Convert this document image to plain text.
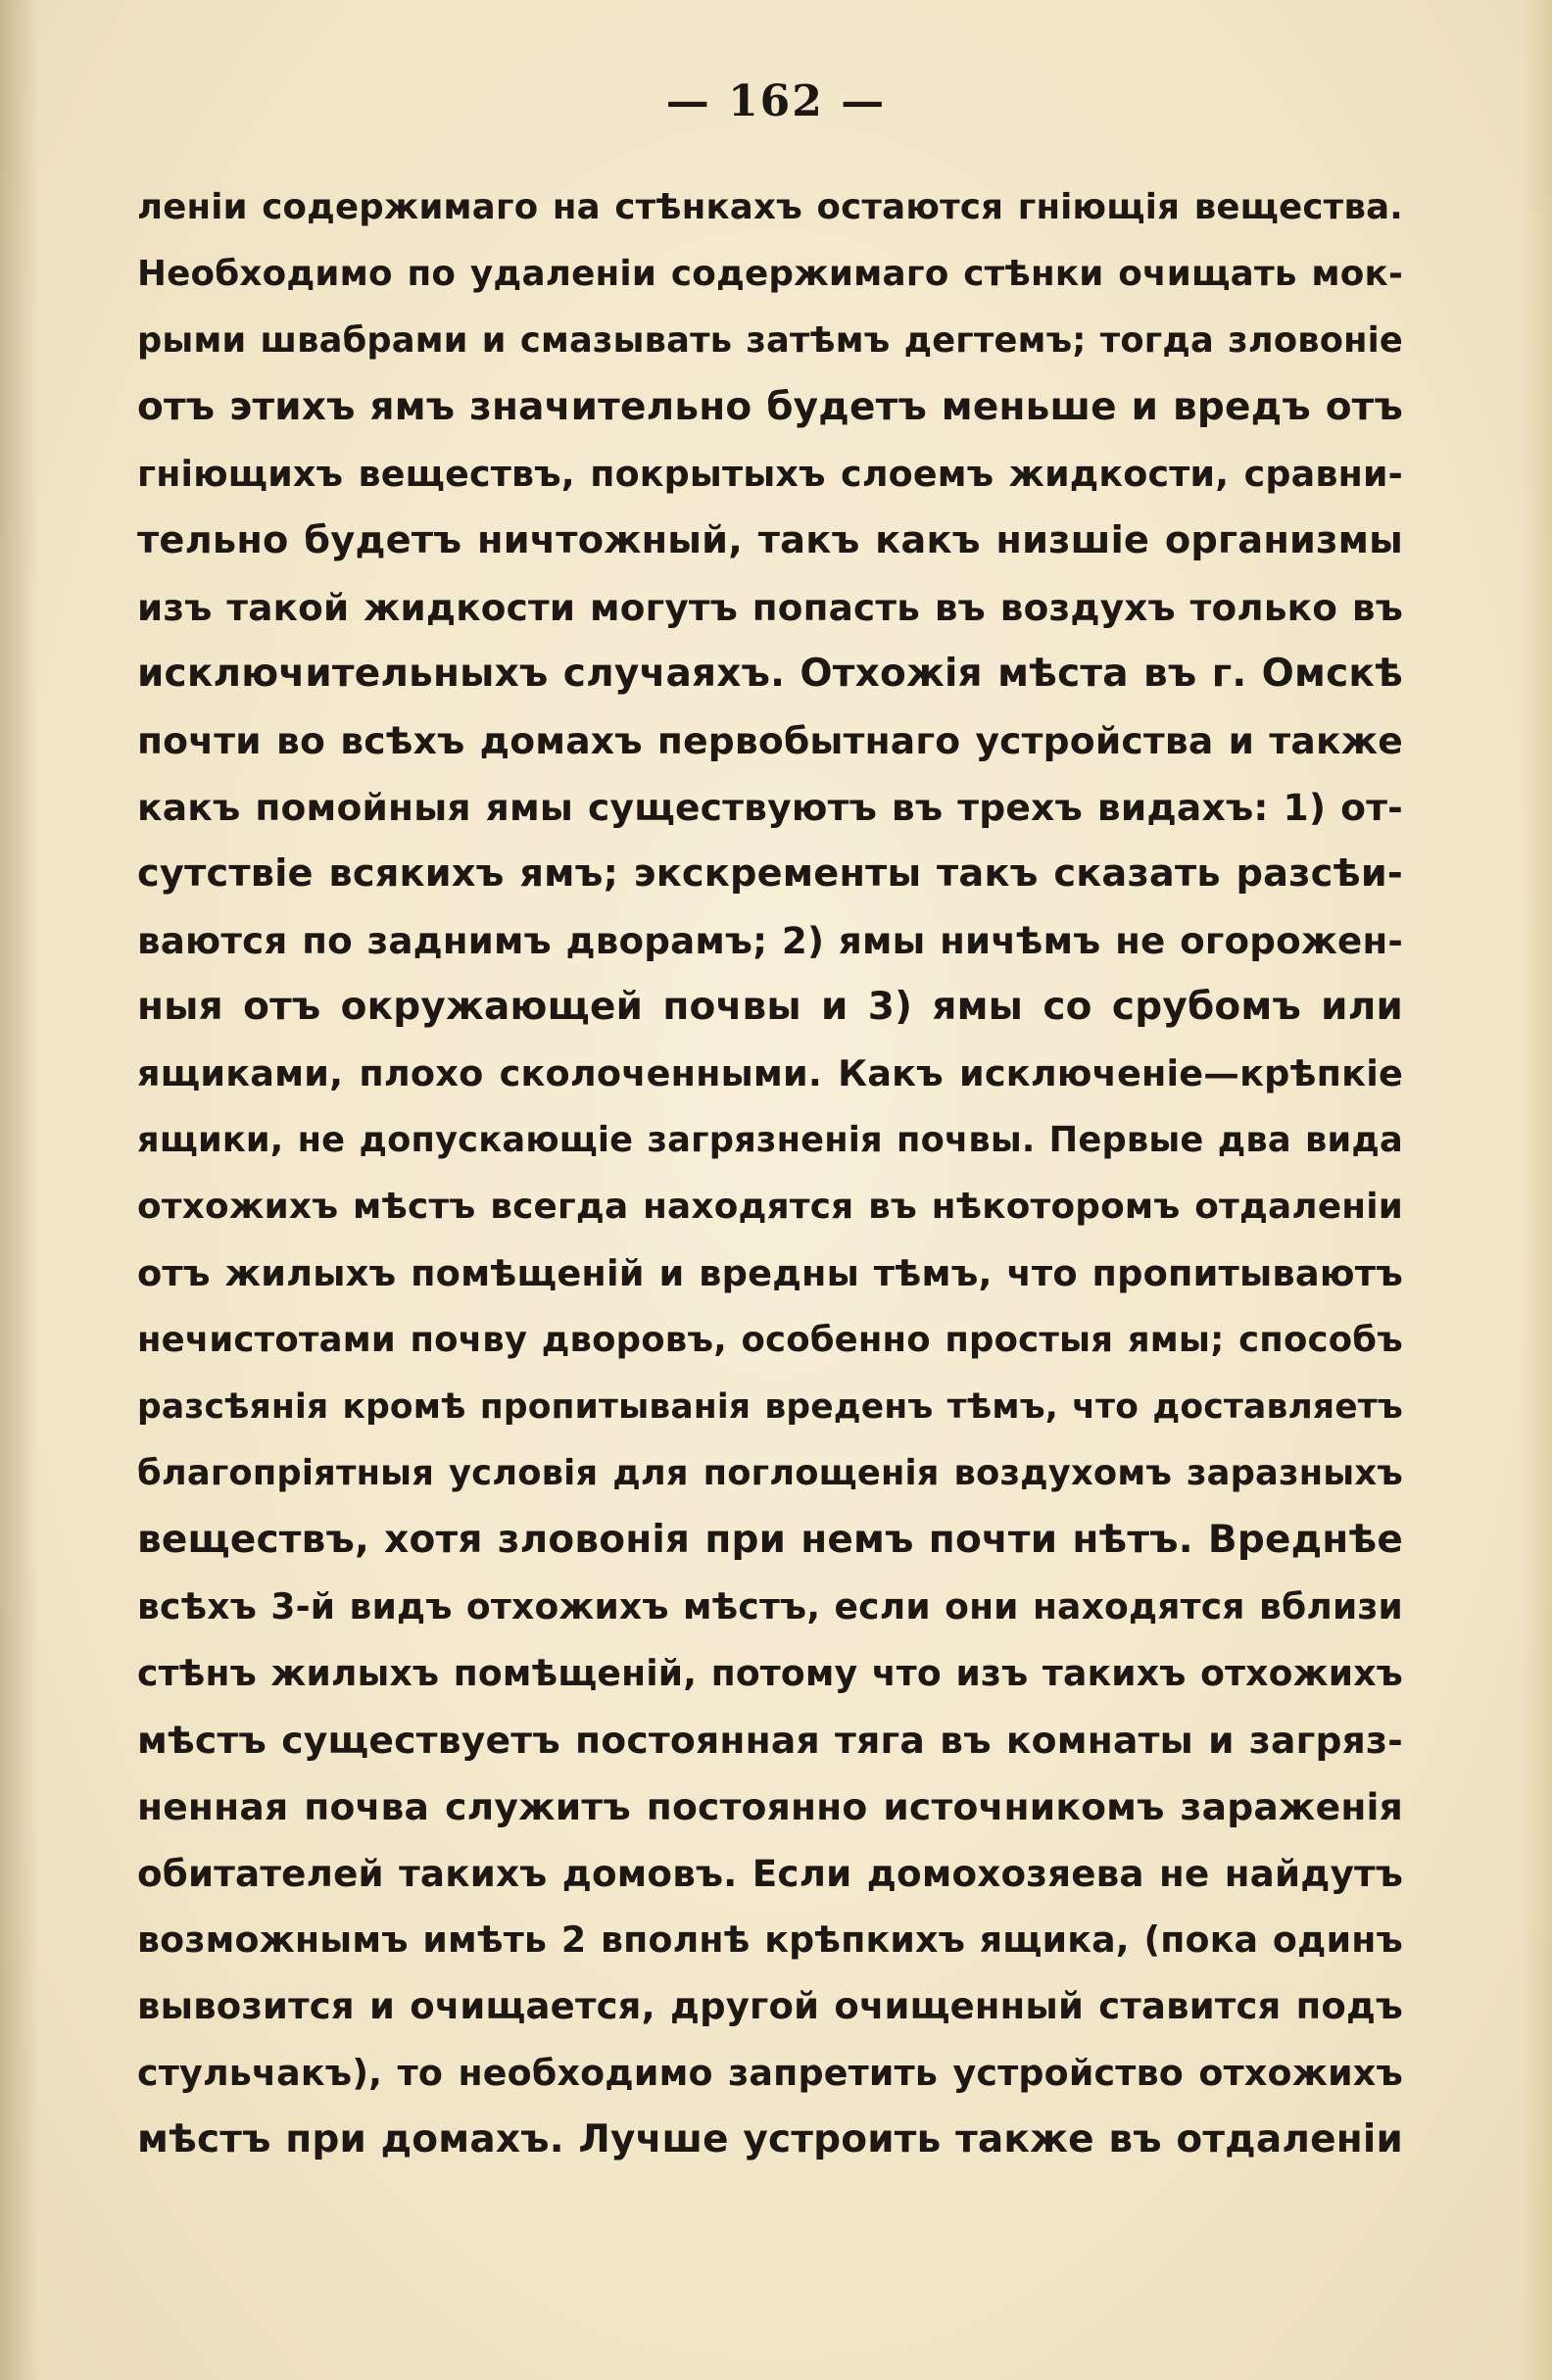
— 162 —
леніи содержимаго на стѣнкахъ остаются гніющія вещества.
Необходимо по удаленіи содержимаго стѣнки очищать мок-
рыми швабрами и смазывать затѣмъ дегтемъ; тогда зловоніе
отъ этихъ ямъ значительно будетъ меньше и вредъ отъ
гніющихъ веществъ, покрытыхъ слоемъ жидкости, сравни-
тельно будетъ ничтожный, такъ какъ низшіе организмы
изъ такой жидкости могутъ попасть въ воздухъ только въ
исключительныхъ случаяхъ. Отхожія мѣста въ г. Омскѣ
почти во всѣхъ домахъ первобытнаго устройства и также
какъ помойныя ямы существуютъ въ трехъ видахъ: 1) от-
сутствіе всякихъ ямъ; экскременты такъ сказать разсѣи-
ваются по заднимъ дворамъ; 2) ямы ничѣмъ не огорожен-
ныя отъ окружающей почвы и 3) ямы со срубомъ или
ящиками, плохо сколоченными. Какъ исключеніе—крѣпкіе
ящики, не допускающіе загрязненія почвы. Первые два вида
отхожихъ мѣстъ всегда находятся въ нѣкоторомъ отдаленіи
отъ жилыхъ помѣщеній и вредны тѣмъ, что пропитываютъ
нечистотами почву дворовъ, особенно простыя ямы; способъ
разсѣянія кромѣ пропитыванія вреденъ тѣмъ, что доставляетъ
благопріятныя условія для поглощенія воздухомъ заразныхъ
веществъ, хотя зловонія при немъ почти нѣтъ. Вреднѣе
всѣхъ 3-й видъ отхожихъ мѣстъ, если они находятся вблизи
стѣнъ жилыхъ помѣщеній, потому что изъ такихъ отхожихъ
мѣстъ существуетъ постоянная тяга въ комнаты и загряз-
ненная почва служитъ постоянно источникомъ зараженія
обитателей такихъ домовъ. Если домохозяева не найдутъ
возможнымъ имѣть 2 вполнѣ крѣпкихъ ящика, (пока одинъ
вывозится и очищается, другой очищенный ставится подъ
стульчакъ), то необходимо запретить устройство отхожихъ
мѣстъ при домахъ. Лучше устроить также въ отдаленіи
